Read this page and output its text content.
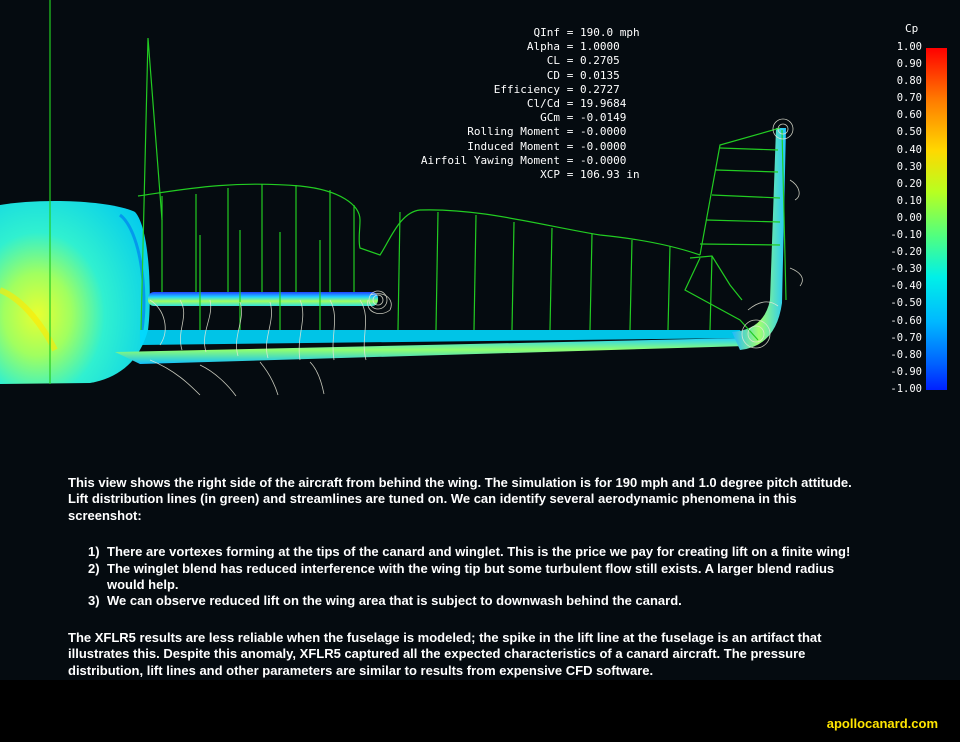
QInf = 190.0 mph
Alpha = 1.0000
CL = 0.2705
CD = 0.0135
Efficiency = 0.2727
Cl/Cd = 19.9684
GCm = -0.0149
Rolling Moment = -0.0000
Induced Moment = -0.0000
Airfoil Yawing Moment = -0.0000
XCP = 106.93 in
Cp
1.00
0.90
0.80
0.70
0.60
0.50
0.40
0.30
0.20
0.10
0.00
-0.10
-0.20
-0.30
-0.40
-0.50
-0.60
-0.70
-0.80
-0.90
-1.00

This view shows the right side of the aircraft from behind the wing. The simulation is for 190 mph and 1.0 degree pitch attitude. Lift distribution lines (in green) and streamlines are tuned on. We can identify several aerodynamic phenomena in this screenshot:

1) There are vortexes forming at the tips of the canard and winglet. This is the price we pay for creating lift on a finite wing!
2) The winglet blend has reduced interference with the wing tip but some turbulent flow still exists. A larger blend radius would help.
3) We can observe reduced lift on the wing area that is subject to downwash behind the canard.

The XFLR5 results are less reliable when the fuselage is modeled; the spike in the lift line at the fuselage is an artifact that illustrates this. Despite this anomaly, XFLR5 captured all the expected characteristics of a canard aircraft. The pressure distribution, lift lines and other parameters are similar to results from expensive CFD software.

apollocanard.com
